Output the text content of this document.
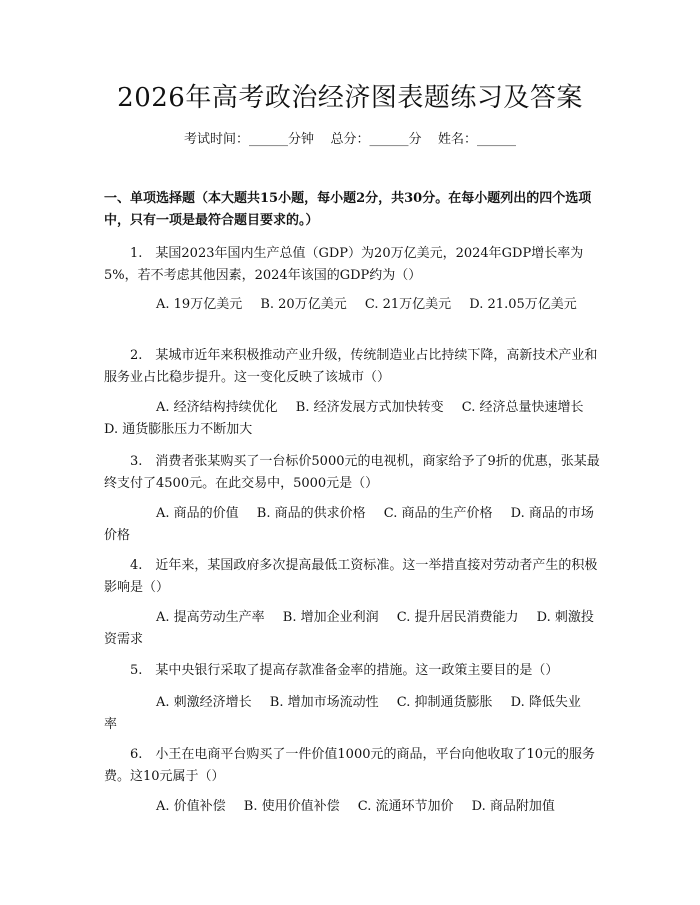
2026年高考政治经济图表题练习及答案
考试时间：______分钟    总分：______分    姓名：______
一、单项选择题（本大题共15小题，每小题2分，共30分。在每小题列出的四个选项中，只有一项是最符合题目要求的。）
1.　某国2023年国内生产总值（GDP）为20万亿美元，2024年GDP增长率为5%，若不考虑其他因素，2024年该国的GDP约为（）
A. 19万亿美元 B. 20万亿美元 C. 21万亿美元 D. 21.05万亿美元
2.　某城市近年来积极推动产业升级，传统制造业占比持续下降，高新技术产业和服务业占比稳步提升。这一变化反映了该城市（）
A. 经济结构持续优化 B. 经济发展方式加快转变 C. 经济总量快速增长 D. 通货膨胀压力不断加大
3.　消费者张某购买了一台标价5000元的电视机，商家给予了9折的优惠，张某最终支付了4500元。在此交易中，5000元是（）
A. 商品的价值 B. 商品的供求价格 C. 商品的生产价格 D. 商品的市场价格
4.　近年来，某国政府多次提高最低工资标准。这一举措直接对劳动者产生的积极影响是（）
A. 提高劳动生产率 B. 增加企业利润 C. 提升居民消费能力 D. 刺激投资需求
5.　某中央银行采取了提高存款准备金率的措施。这一政策主要目的是（）
A. 刺激经济增长 B. 增加市场流动性 C. 抑制通货膨胀 D. 降低失业率
6.　小王在电商平台购买了一件价值1000元的商品，平台向他收取了10元的服务费。这10元属于（）
A. 价值补偿 B. 使用价值补偿 C. 流通环节加价 D. 商品附加值
